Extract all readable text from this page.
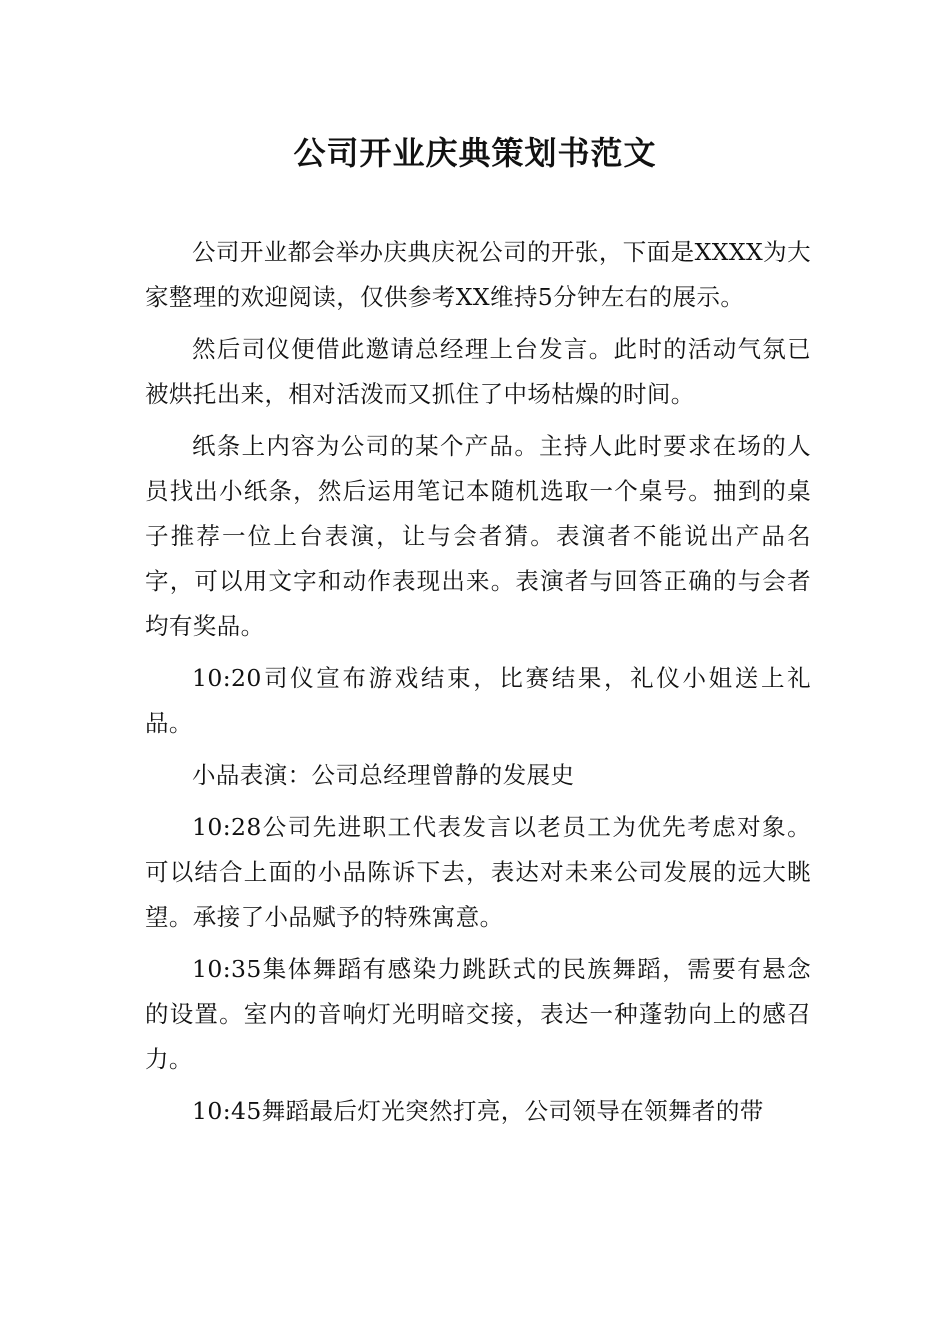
公司开业庆典策划书范文

公司开业都会举办庆典庆祝公司的开张，下面是XXXX为大家整理的欢迎阅读，仅供参考XX维持5分钟左右的展示。

然后司仪便借此邀请总经理上台发言。此时的活动气氛已被烘托出来，相对活泼而又抓住了中场枯燥的时间。

纸条上内容为公司的某个产品。主持人此时要求在场的人员找出小纸条，然后运用笔记本随机选取一个桌号。抽到的桌子推荐一位上台表演，让与会者猜。表演者不能说出产品名字，可以用文字和动作表现出来。表演者与回答正确的与会者均有奖品。

10:20司仪宣布游戏结束，比赛结果，礼仪小姐送上礼品。

小品表演：公司总经理曾静的发展史

10:28公司先进职工代表发言以老员工为优先考虑对象。可以结合上面的小品陈诉下去，表达对未来公司发展的远大眺望。承接了小品赋予的特殊寓意。

10:35集体舞蹈有感染力跳跃式的民族舞蹈，需要有悬念的设置。室内的音响灯光明暗交接，表达一种蓬勃向上的感召力。

10:45舞蹈最后灯光突然打亮，公司领导在领舞者的带
